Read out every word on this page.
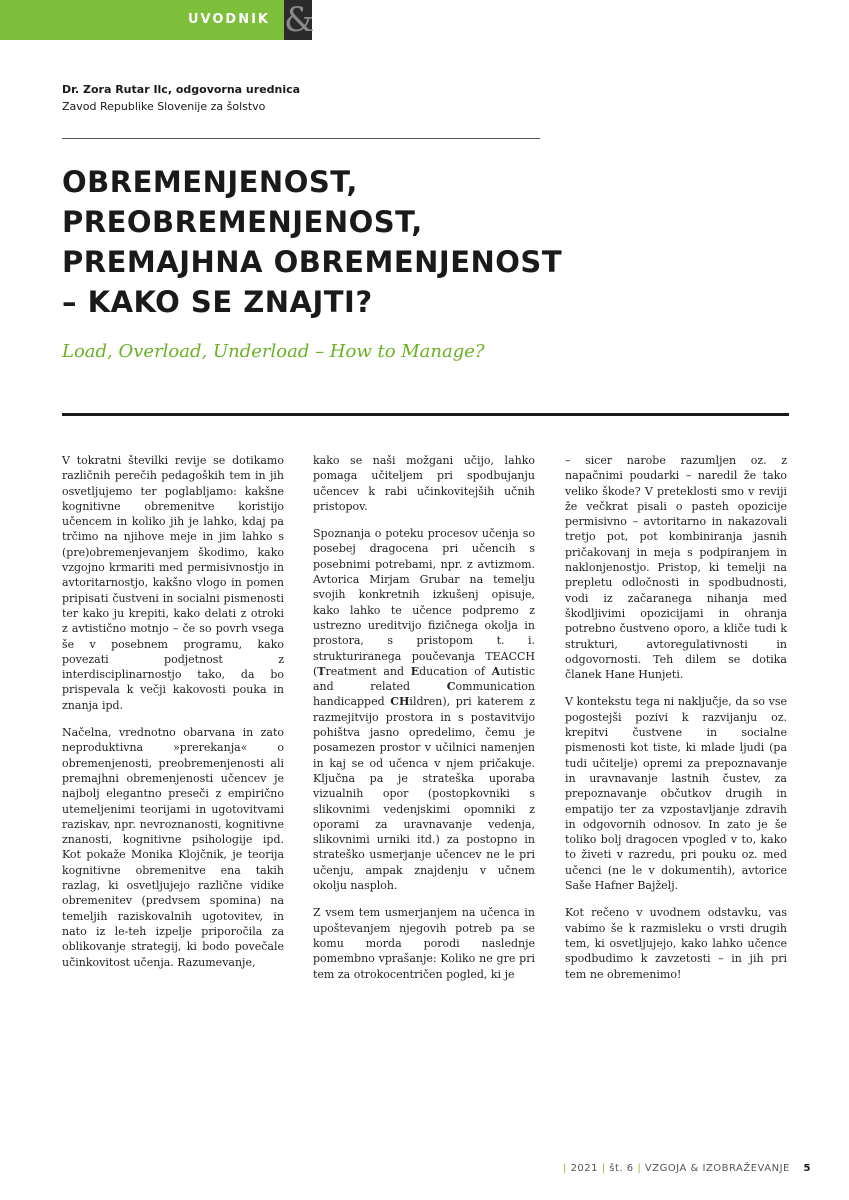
UVODNIK &
Dr. Zora Rutar Ilc, odgovorna urednica
Zavod Republike Slovenije za šolstvo
OBREMENJENOST,
PREOBREMENJENOST,
PREMAJHNA OBREMENJENOST
– KAKO SE ZNAJTI?
Load, Overload, Underload – How to Manage?

V tokratni številki revije se dotikamo različnih perečih pedagoških tem in jih osvetljujemo ter poglabljamo: kakšne kognitivne obremenitve koristijo učencem in koliko jih je lahko, kdaj pa trčimo na njihove meje in jim lahko s (pre)obremenjevanjem škodimo, kako vzgojno krmariti med permisivnostjo in avtoritarnostjo, kakšno vlogo in pomen pripisati čustveni in socialni pismenosti ter kako ju krepiti, kako delati z otroki z avtistično motnjo – če so povrh vsega še v posebnem programu, kako povezati podjetnost z interdisciplinarnostjo tako, da bo prispevala k večji kakovosti pouka in znanja ipd.

Načelna, vrednotno obarvana in zato neproduktivna »prerekanja« o obremenjenosti, preobremenjenosti ali premajhni obremenjenosti učencev je najbolj elegantno preseči z empirično utemeljenimi teorijami in ugotovitvami raziskav, npr. nevroznanosti, kognitivne znanosti, kognitivne psihologije ipd. Kot pokaže Monika Klojčnik, je teorija kognitivne obremenitve ena takih razlag, ki osvetljujejo različne vidike obremenitev (predvsem spomina) na temeljih raziskovalnih ugotovitev, in nato iz le-teh izpelje priporočila za oblikovanje strategij, ki bodo povečale učinkovitost učenja. Razumevanje,

kako se naši možgani učijo, lahko pomaga učiteljem pri spodbujanju učencev k rabi učinkovitejših učnih pristopov.

Spoznanja o poteku procesov učenja so posebej dragocena pri učencih s posebnimi potrebami, npr. z avtizmom. Avtorica Mirjam Grubar na temelju svojih konkretnih izkušenj opisuje, kako lahko te učence podpremo z ustrezno ureditvijo fizičnega okolja in prostora, s pristopom t. i. strukturiranega poučevanja TEACCH (Treatment and Education of Autistic and related Communication handicapped CHildren), pri katerem z razmejitvijo prostora in s postavitvijo pohištva jasno opredelimo, čemu je posamezen prostor v učilnici namenjen in kaj se od učenca v njem pričakuje. Ključna pa je strateška uporaba vizualnih opor (postopkovniki s slikovnimi vedenjskimi opomniki z oporami za uravnavanje vedenja, slikovnimi urniki itd.) za postopno in strateško usmerjanje učencev ne le pri učenju, ampak znajdenju v učnem okolju nasploh.

Z vsem tem usmerjanjem na učenca in upoštevanjem njegovih potreb pa se komu morda porodi naslednje pomembno vprašanje: Koliko ne gre pri tem za otrokocentričen pogled, ki je

– sicer narobe razumljen oz. z napačnimi poudarki – naredil že tako veliko škode? V preteklosti smo v reviji že večkrat pisali o pasteh opozicije permisivno – avtoritarno in nakazovali tretjo pot, pot kombiniranja jasnih pričakovanj in meja s podpiranjem in naklonjenostjo. Pristop, ki temelji na prepletu odločnosti in spodbudnosti, vodi iz začaranega nihanja med škodljivimi opozicijami in ohranja potrebno čustveno oporo, a kliče tudi k strukturi, avtoregulativnosti in odgovornosti. Teh dilem se dotika članek Hane Hunjeti.

V kontekstu tega ni naključje, da so vse pogostejši pozivi k razvijanju oz. krepitvi čustvene in socialne pismenosti kot tiste, ki mlade ljudi (pa tudi učitelje) opremi za prepoznavanje in uravnavanje lastnih čustev, za prepoznavanje občutkov drugih in empatijo ter za vzpostavljanje zdravih in odgovornih odnosov. In zato je še toliko bolj dragocen vpogled v to, kako to živeti v razredu, pri pouku oz. med učenci (ne le v dokumentih), avtorice Saše Hafner Bajželj.

Kot rečeno v uvodnem odstavku, vas vabimo še k razmisleku o vrsti drugih tem, ki osvetljujejo, kako lahko učence spodbudimo k zavzetosti – in jih pri tem ne obremenimo!

| 2021 | št. 6 | VZGOJA & IZOBRAŽEVANJE 5
